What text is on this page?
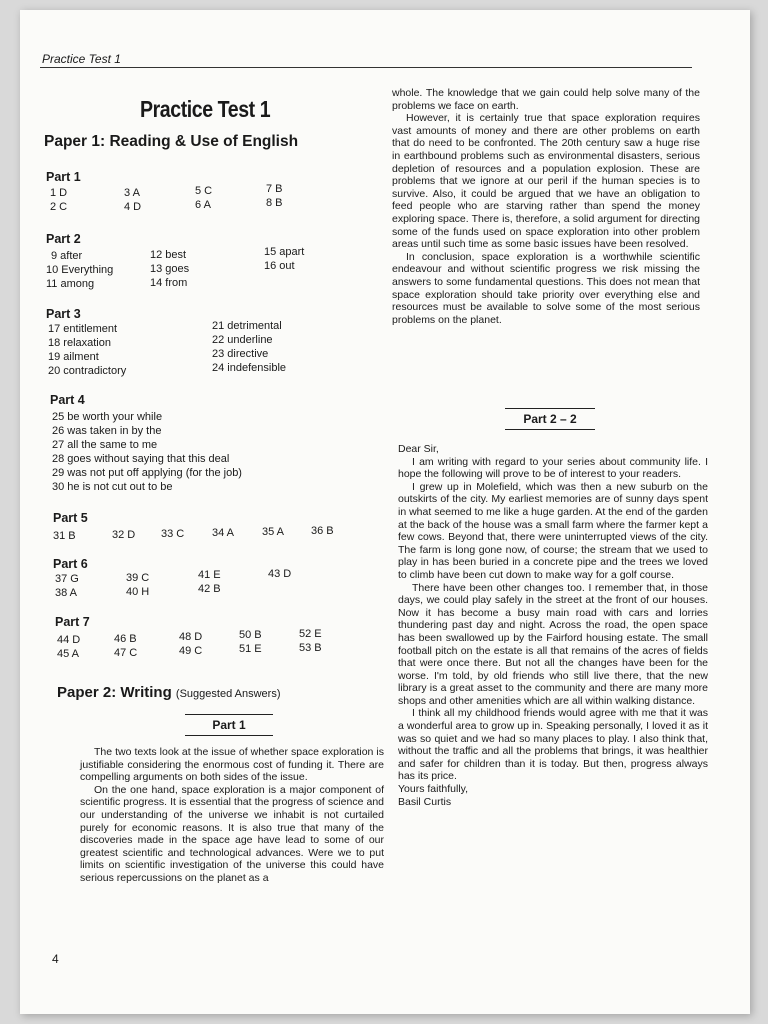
Practice Test 1
Practice Test 1
Paper 1: Reading & Use of English
Part 1
1 D
2 C
3 A
4 D
5 C
6 A
7 B
8 B
Part 2
9 after
10 Everything
11 among
12 best
13 goes
14 from
15 apart
16 out
Part 3
17 entitlement
18 relaxation
19 ailment
20 contradictory
21 detrimental
22 underline
23 directive
24 indefensible
Part 4
25 be worth your while
26 was taken in by the
27 all the same to me
28 goes without saying that this deal
29 was not put off applying (for the job)
30 he is not cut out to be
Part 5
31 B	32 D 33 C	34 A	35 A 36 B
Part 6
37 G
38 A
39 C
40 H
41 E
42 B
43 D
Part 7
44 D
45 A
46 B
47 C
48 D
49 C
50 B
51 E
52 E
53 B
Paper 2: Writing (Suggested Answers)
Part 1

The two texts look at the issue of whether space exploration is justifiable considering the enormous cost of funding it. There are compelling arguments on both sides of the issue.

On the one hand, space exploration is a major component of scientific progress. It is essential that the progress of science and our understanding of the universe we inhabit is not curtailed purely for economic reasons. It is also true that many of the discoveries made in the space age have lead to some of our greatest scientific and technological advances. Were we to put limits on scientific investigation of the universe this could have serious repercussions on the planet as a

whole. The knowledge that we gain could help solve many of the problems we face on earth.

However, it is certainly true that space exploration requires vast amounts of money and there are other problems on earth that do need to be confronted. The 20th century saw a huge rise in earthbound problems such as environmental disasters, serious depletion of resources and a population explosion. These are problems that we ignore at our peril if the human species is to survive. Also, it could be argued that we have an obligation to feed people who are starving rather than spend the money exploring space. There is, therefore, a solid argument for directing some of the funds used on space exploration into other problem areas until such time as some basic issues have been resolved.

In conclusion, space exploration is a worthwhile scientific endeavour and without scientific progress we risk missing the answers to some fundamental questions. This does not mean that space exploration should take priority over everything else and resources must be available to solve some of the most serious problems on the planet.

Part 2 – 2

Dear Sir,

I am writing with regard to your series about community life. I hope the following will prove to be of interest to your readers.

I grew up in Molefield, which was then a new suburb on the outskirts of the city. My earliest memories are of sunny days spent in what seemed to me like a huge garden. At the end of the garden at the back of the house was a small farm where the farmer kept a few cows. Beyond that, there were uninterrupted views of the city. The farm is long gone now, of course; the stream that we used to play in has been buried in a concrete pipe and the trees we loved to climb have been cut down to make way for a golf course.

There have been other changes too. I remember that, in those days, we could play safely in the street at the front of our houses. Now it has become a busy main road with cars and lorries thundering past day and night. Across the road, the open space has been swallowed up by the Fairford housing estate. The small football pitch on the estate is all that remains of the acres of fields that were once there. But not all the changes have been for the worse. I'm told, by old friends who still live there, that the new library is a great asset to the community and there are many more shops and other amenities which are all within walking distance.

I think all my childhood friends would agree with me that it was a wonderful area to grow up in. Speaking personally, I loved it as it was so quiet and we had so many places to play. I also think that, without the traffic and all the problems that brings, it was healthier and safer for children than it is today. But then, progress always has its price.

Yours faithfully,

Basil Curtis

4
